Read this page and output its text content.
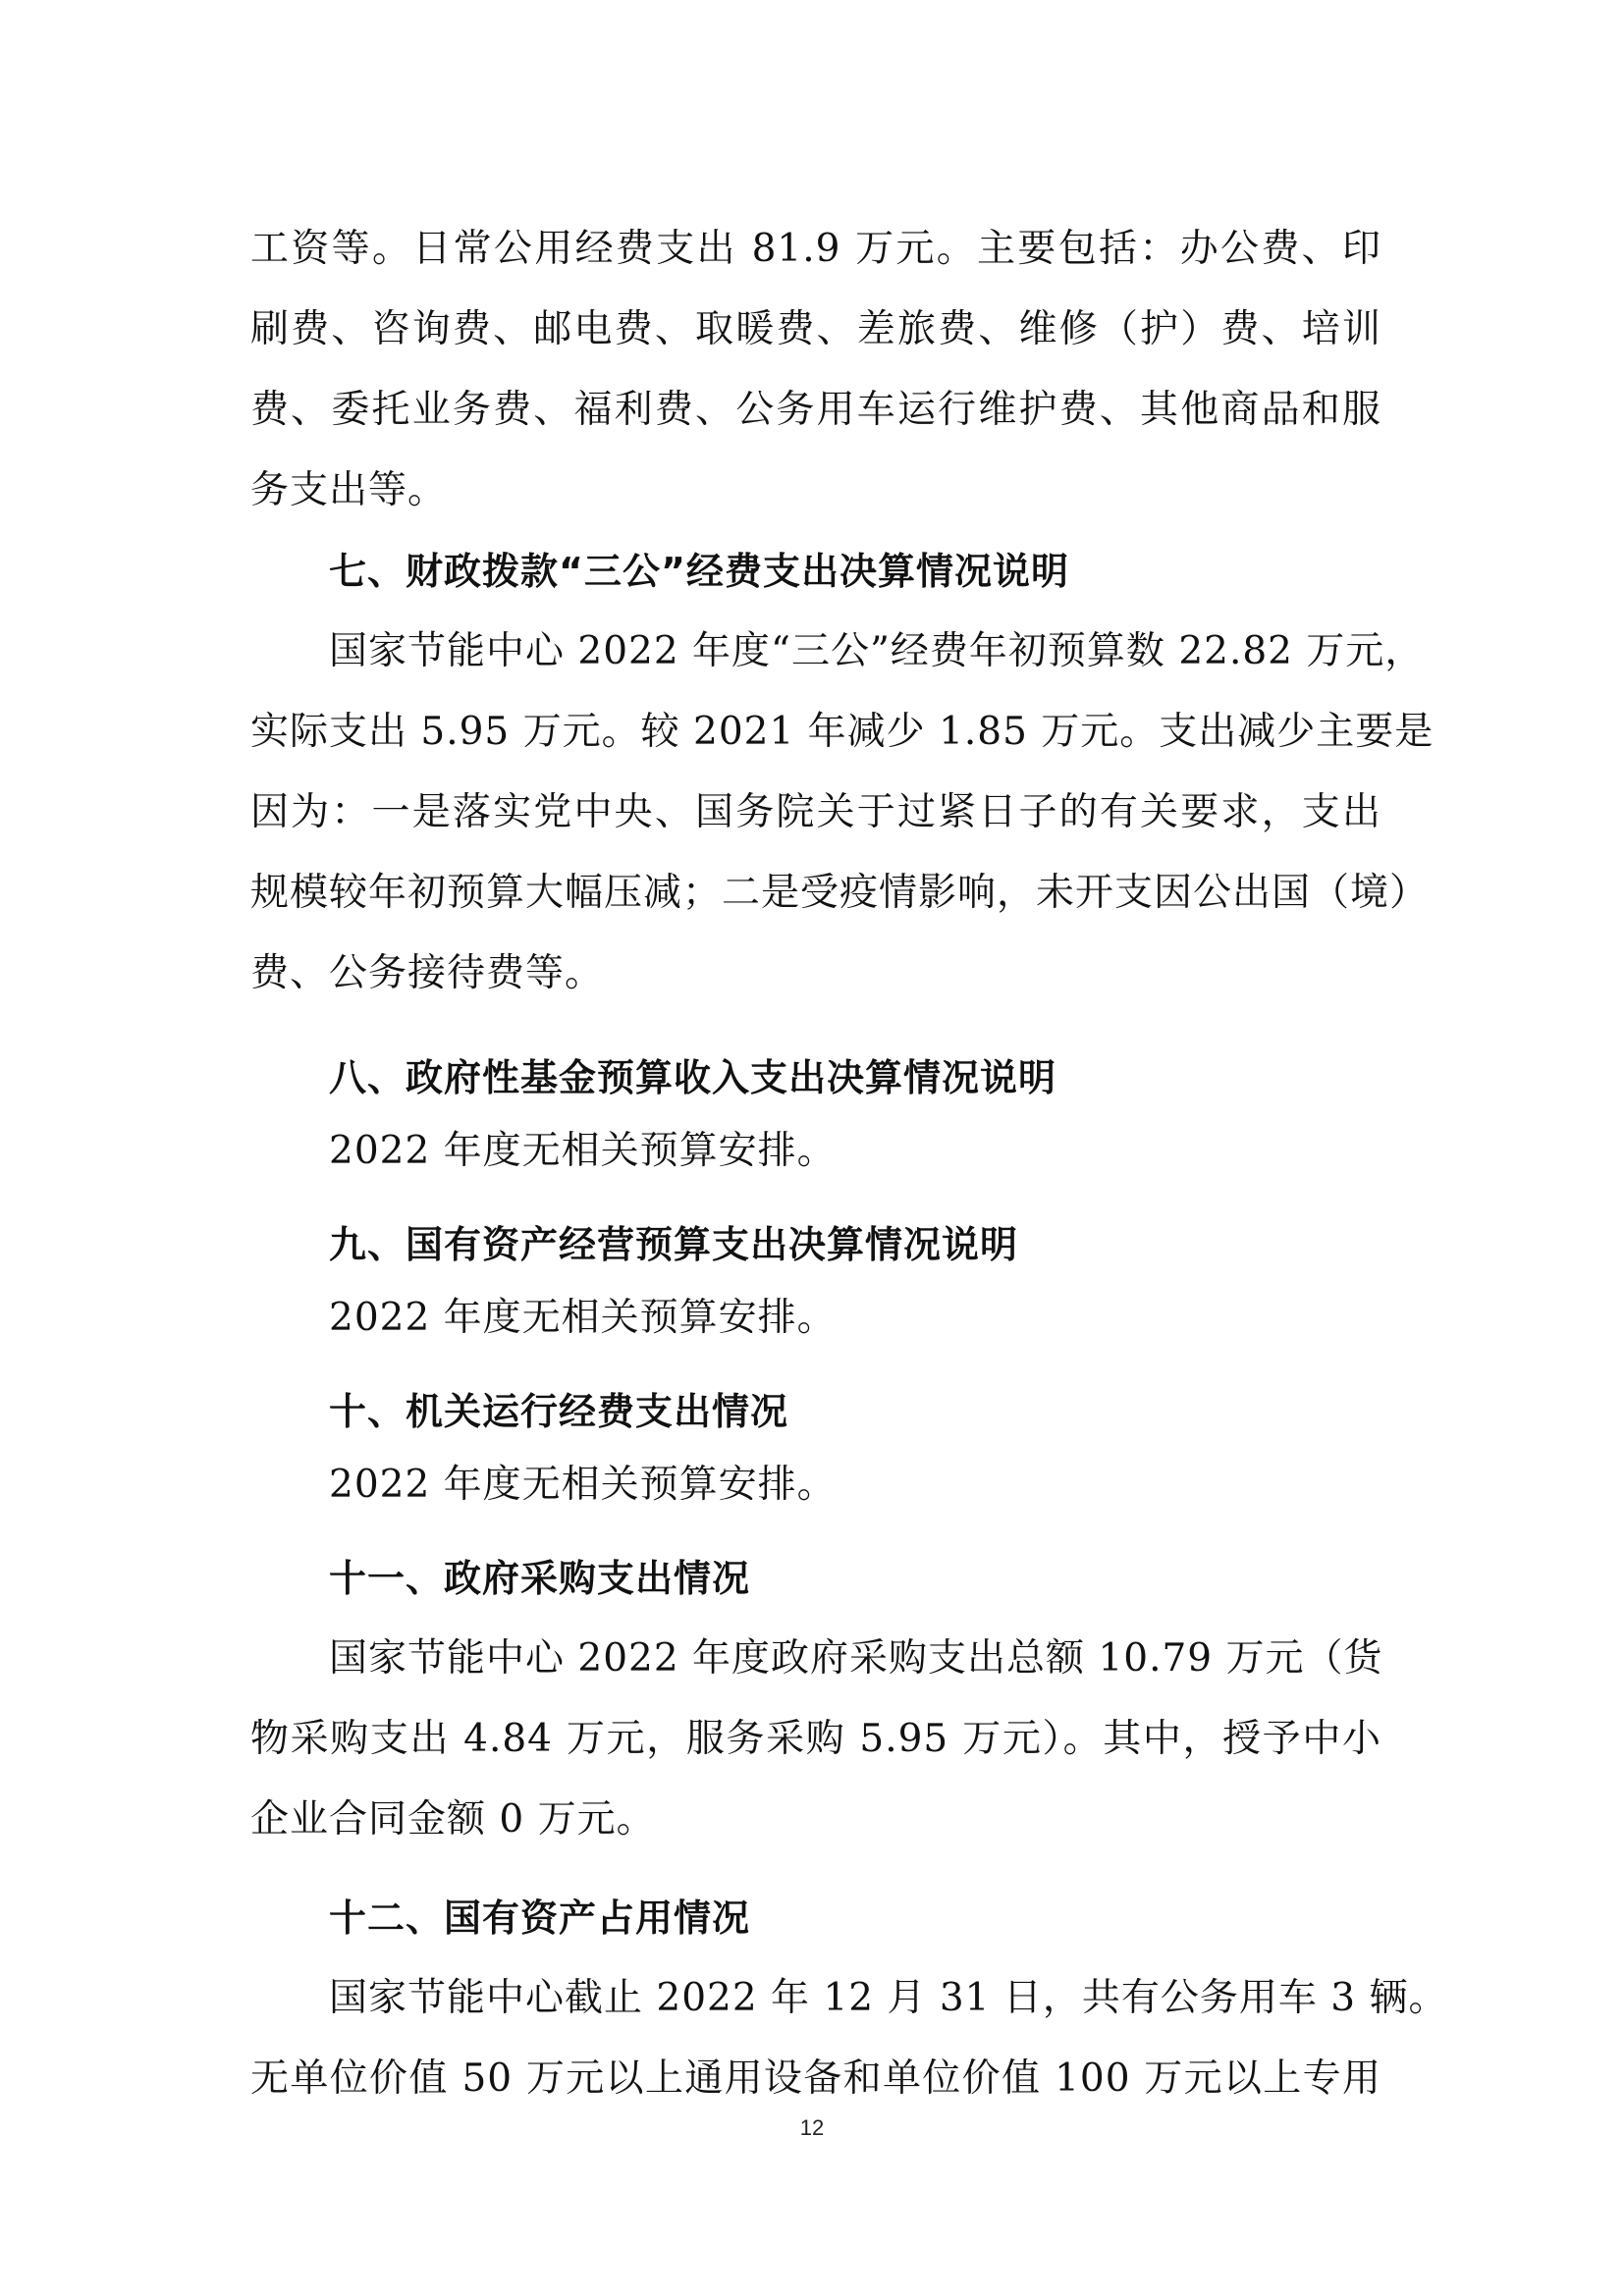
工资等。日常公用经费支出 81.9 万元。主要包括：办公费、印
刷费、咨询费、邮电费、取暖费、差旅费、维修（护）费、培训
费、委托业务费、福利费、公务用车运行维护费、其他商品和服
务支出等。
七、财政拨款“三公”经费支出决算情况说明
国家节能中心 2022 年度“三公”经费年初预算数 22.82 万元，
实际支出 5.95 万元。较 2021 年减少 1.85 万元。支出减少主要是
因为：一是落实党中央、国务院关于过紧日子的有关要求，支出
规模较年初预算大幅压减；二是受疫情影响，未开支因公出国（境）
费、公务接待费等。
八、政府性基金预算收入支出决算情况说明
2022 年度无相关预算安排。
九、国有资产经营预算支出决算情况说明
2022 年度无相关预算安排。
十、机关运行经费支出情况
2022 年度无相关预算安排。
十一、政府采购支出情况
国家节能中心 2022 年度政府采购支出总额 10.79 万元（货
物采购支出 4.84 万元，服务采购 5.95 万元）。其中，授予中小
企业合同金额 0 万元。
十二、国有资产占用情况
国家节能中心截止 2022 年 12 月 31 日，共有公务用车 3 辆。
无单位价值 50 万元以上通用设备和单位价值 100 万元以上专用
12
